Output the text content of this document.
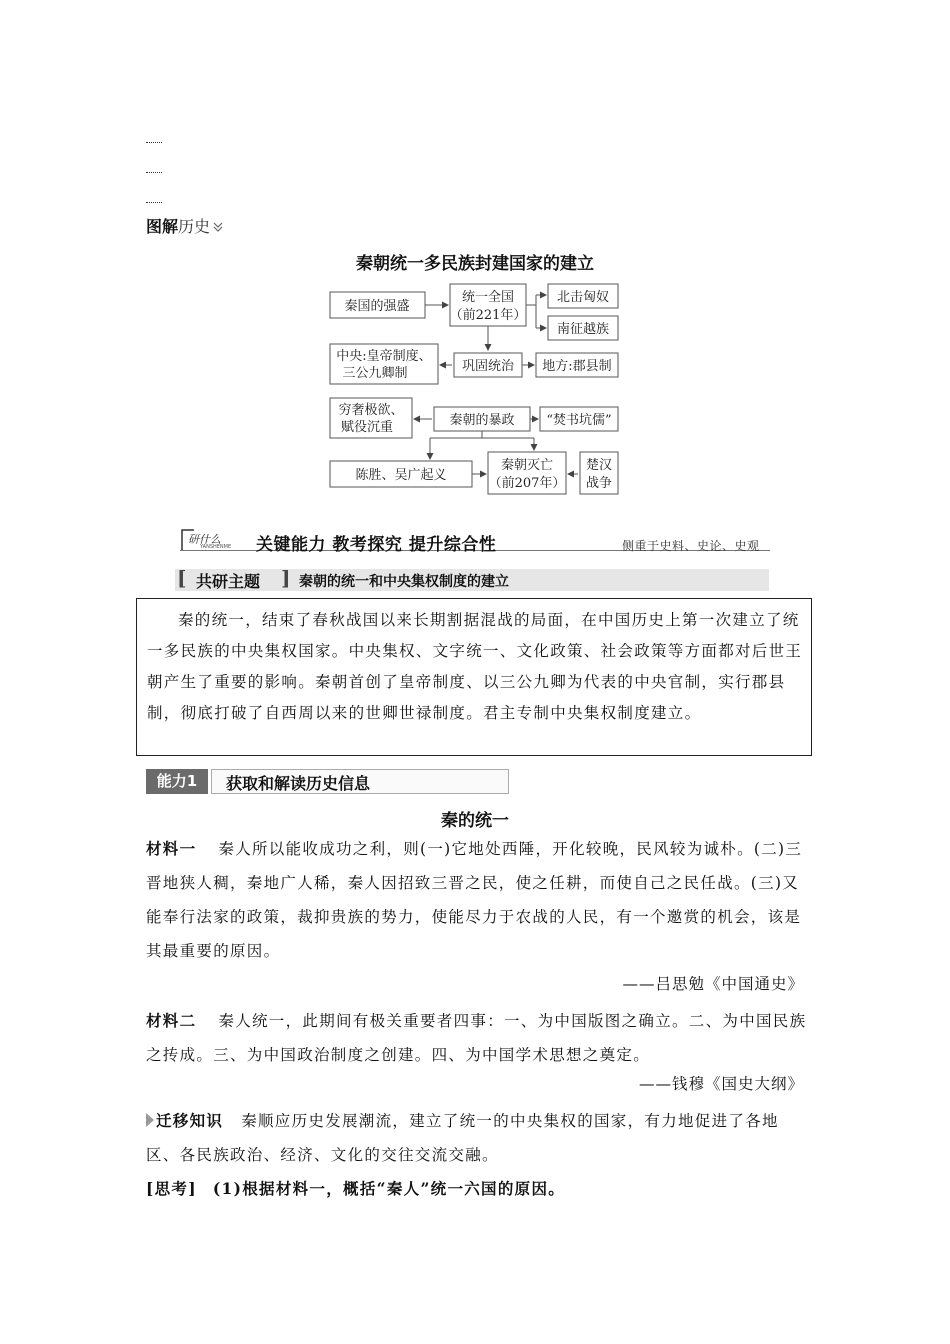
图解历史
秦朝统一多民族封建国家的建立
秦国的强盛
统一全国
（前221年）
北击匈奴
南征越族
中央:皇帝制度、
三公九卿制	巩固统治 地方:郡县制
穷奢极欲、
赋役沉重	秦朝的暴政 “焚书坑儒”
陈胜、吴广起义
秦朝灭亡
（前207年）
楚汉
战争
研什么
YANSHENME 关键能力 教考探究 提升综合性	侧重于史料、史论、史观
[ 共研主题 ] 秦朝的统一和中央集权制度的建立
秦的统一，结束了春秋战国以来长期割据混战的局面，在中国历史上第一次建立了统一多民族的中央集权国家。中央集权、文字统一、文化政策、社会政策等方面都对后世王朝产生了重要的影响。秦朝首创了皇帝制度、以三公九卿为代表的中央官制，实行郡县制，彻底打破了自西周以来的世卿世禄制度。君主专制中央集权制度建立。
能力1	获取和解读历史信息
秦的统一
材料一 秦人所以能收成功之利，则(一)它地处西陲，开化较晚，民风较为诚朴。(二)三晋地狭人稠，秦地广人稀，秦人因招致三晋之民，使之任耕，而使自己之民任战。(三)又能奉行法家的政策，裁抑贵族的势力，使能尽力于农战的人民，有一个邀赏的机会，该是其最重要的原因。
——吕思勉《中国通史》
材料二 秦人统一，此期间有极关重要者四事：一、为中国版图之确立。二、为中国民族之抟成。三、为中国政治制度之创建。四、为中国学术思想之奠定。
——钱穆《国史大纲》
迁移知识 秦顺应历史发展潮流，建立了统一的中央集权的国家，有力地促进了各地区、各民族政治、经济、文化的交往交流交融。
[思考] (1)根据材料一，概括“秦人”统一六国的原因。
